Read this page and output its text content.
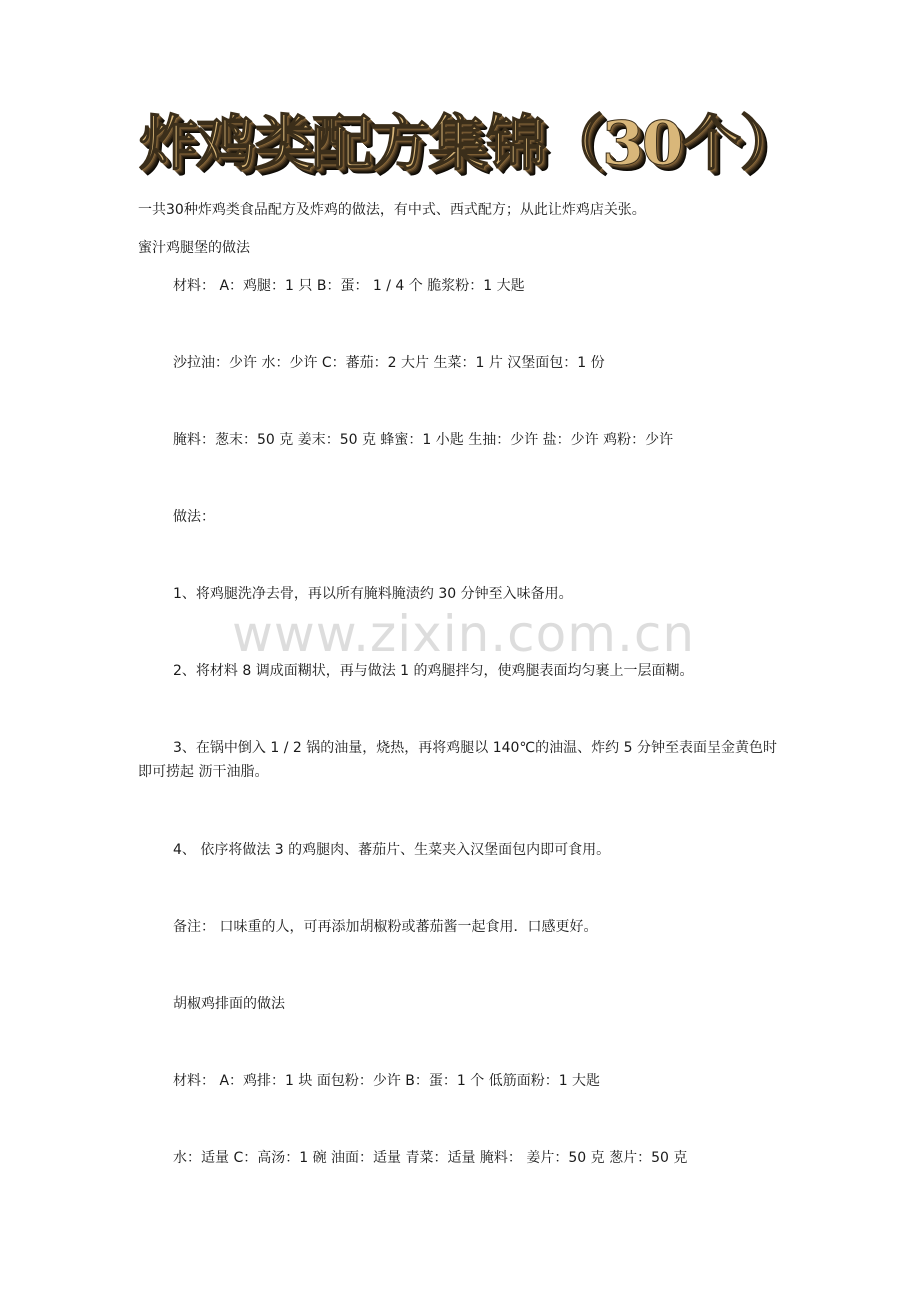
炸鸡类配方集锦（30个）
一共30种炸鸡类食品配方及炸鸡的做法，有中式、西式配方；从此让炸鸡店关张。
蜜汁鸡腿堡的做法
材料： A：鸡腿：1 只 B：蛋： 1 / 4 个 脆浆粉：1 大匙
沙拉油：少许 水：少许 C：蕃茄：2 大片 生菜：1 片 汉堡面包：1 份
腌料：葱末：50 克 姜末：50 克 蜂蜜：1 小匙 生抽：少许 盐：少许 鸡粉：少许
做法：
1、将鸡腿洗净去骨，再以所有腌料腌渍约 30 分钟至入味备用。
www.zixin.com.cn
2、将材料 8 调成面糊状，再与做法 1 的鸡腿拌匀，使鸡腿表面均匀裹上一层面糊。
3、在锅中倒入 1 / 2 锅的油量，烧热，再将鸡腿以 140℃的油温、炸约 5 分钟至表面呈金黄色时即可捞起 沥干油脂。
4、 依序将做法 3 的鸡腿肉、蕃茄片、生菜夹入汉堡面包内即可食用。
备注： 口味重的人，可再添加胡椒粉或蕃茄酱一起食用．口感更好。
胡椒鸡排面的做法
材料： A：鸡排：1 块 面包粉：少许 B：蛋：1 个 低筋面粉：1 大匙
水：适量 C：高汤：1 碗 油面：适量 青菜：适量 腌料： 姜片：50 克 葱片：50 克
